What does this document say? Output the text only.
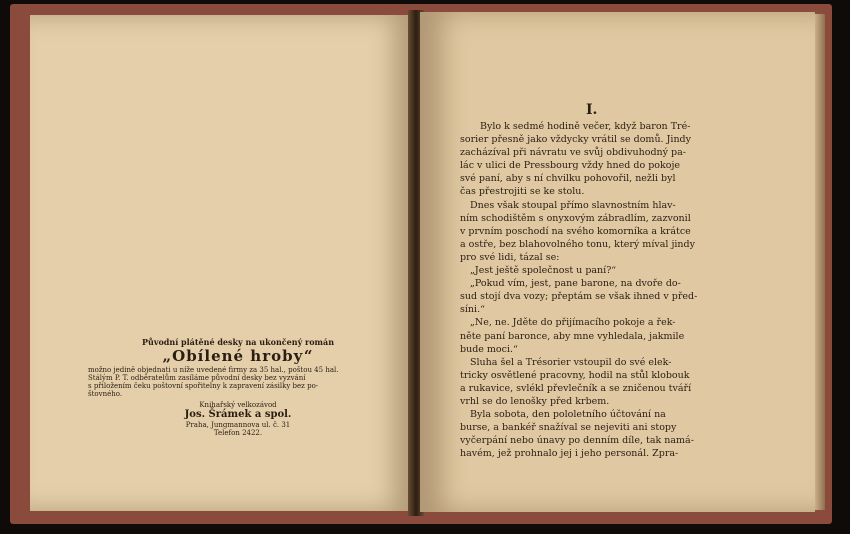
Původní plátěné desky na ukončený román
„Obílené hroby“
možno jedině objednati u níže uvedené firmy za 35 hal., poštou 45 hal.
Stálým P. T. odběratelům zasíláme původní desky bez vyzvání
s přiložením čeku poštovní spořitelny k zapravení zásilky bez po-
štovného.
Knihařský velkozávod
Jos. Šrámek a spol.
Praha, Jungmannova ul. č. 31
Telefon 2422.
I.

Bylo k sedmé hodině večer, když baron Tré-

sorier přesně jako vždycky vrátil se domů. Jindy

zacházíval při návratu ve svůj obdivuhodný pa-

lác v ulici de Pressbourg vždy hned do pokoje

své paní, aby s ní chvilku pohovořil, nežli byl

čas přestrojiti se ke stolu.

Dnes však stoupal přímo slavnostním hlav-

ním schodištěm s onyxovým zábradlím, zazvonil

v prvním poschodí na svého komorníka a krátce

a ostře, bez blahovolného tonu, který míval jindy

pro své lidi, tázal se:

„Jest ještě společnost u paní?“

„Pokud vím, jest, pane barone, na dvoře do-

sud stojí dva vozy; přeptám se však ihned v před-

síni.“

„Ne, ne. Jděte do přijímacího pokoje a řek-

něte paní baronce, aby mne vyhledala, jakmile

bude moci.“

Sluha šel a Trésorier vstoupil do své elek-

tricky osvětlené pracovny, hodil na stůl klobouk

a rukavice, svlékl převlečník a se zničenou tváří

vrhl se do lenošky před krbem.

Byla sobota, den pololetního účtování na

burse, a bankéř snažíval se nejeviti ani stopy

vyčerpání nebo únavy po denním díle, tak namá-

havém, jež prohnalo jej i jeho personál. Zpra-
